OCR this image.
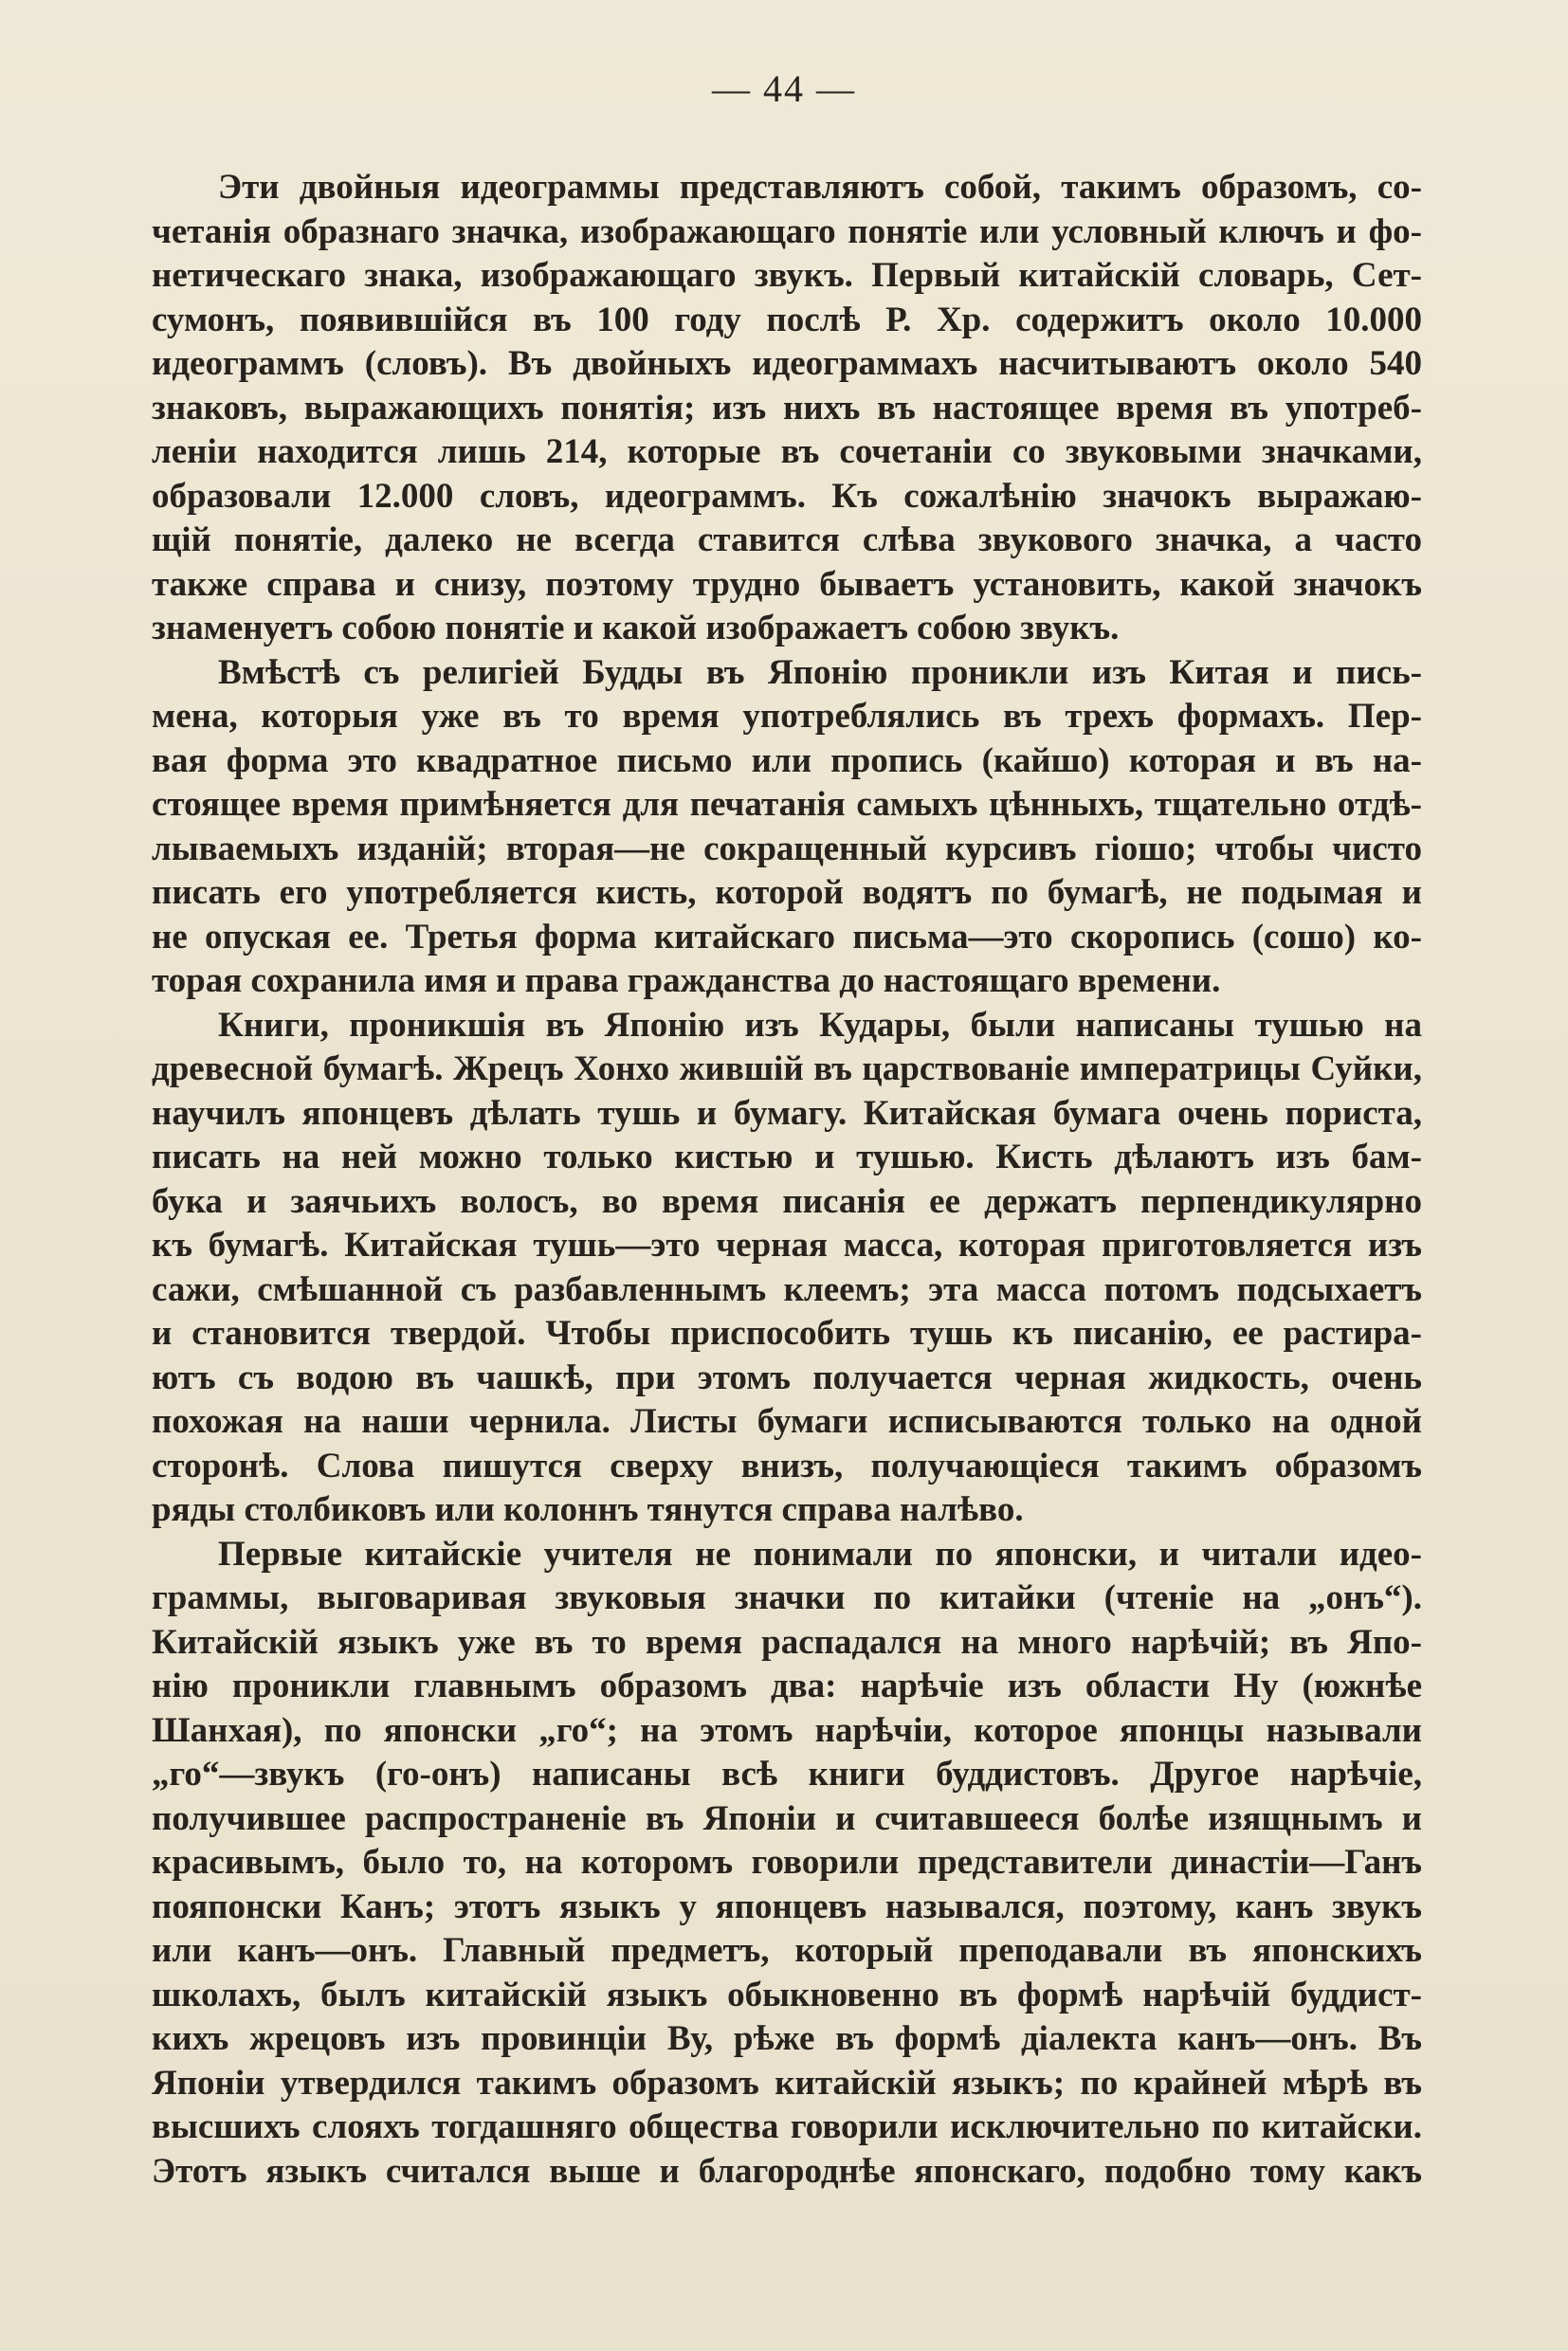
— 44 —
Эти двойныя идеограммы представляютъ собой, такимъ образомъ, со-
четанія образнаго значка, изображающаго понятіе или условный ключъ и фо-
нетическаго знака, изображающаго звукъ. Первый китайскій словарь, Сет-
сумонъ, появившійся въ 100 году послѣ Р. Хр. содержитъ около 10.000
идеограммъ (словъ). Въ двойныхъ идеограммахъ насчитываютъ около 540
знаковъ, выражающихъ понятія; изъ нихъ въ настоящее время въ употреб-
леніи находится лишь 214, которые въ сочетаніи со звуковыми значками,
образовали 12.000 словъ, идеограммъ. Къ сожалѣнію значокъ выражаю-
щій понятіе, далеко не всегда ставится слѣва звукового значка, а часто
также справа и снизу, поэтому трудно бываетъ установить, какой значокъ
знаменуетъ собою понятіе и какой изображаетъ собою звукъ.
Вмѣстѣ съ религіей Будды въ Японію проникли изъ Китая и пись-
мена, которыя уже въ то время употреблялись въ трехъ формахъ. Пер-
вая форма это квадратное письмо или пропись (кайшо) которая и въ на-
стоящее время примѣняется для печатанія самыхъ цѣнныхъ, тщательно отдѣ-
лываемыхъ изданій; вторая—не сокращенный курсивъ гіошо; чтобы чисто
писать его употребляется кисть, которой водятъ по бумагѣ, не подымая и
не опуская ее. Третья форма китайскаго письма—это скоропись (сошо) ко-
торая сохранила имя и права гражданства до настоящаго времени.
Книги, проникшія въ Японію изъ Кудары, были написаны тушью на
древесной бумагѣ. Жрецъ Хонхо жившій въ царствованіе императрицы Суйки,
научилъ японцевъ дѣлать тушь и бумагу. Китайская бумага очень пориста,
писать на ней можно только кистью и тушью. Кисть дѣлаютъ изъ бам-
бука и заячьихъ волосъ, во время писанія ее держатъ перпендикулярно
къ бумагѣ. Китайская тушь—это черная масса, которая приготовляется изъ
сажи, смѣшанной съ разбавленнымъ клеемъ; эта масса потомъ подсыхаетъ
и становится твердой. Чтобы приспособить тушь къ писанію, ее растира-
ютъ съ водою въ чашкѣ, при этомъ получается черная жидкость, очень
похожая на наши чернила. Листы бумаги исписываются только на одной
сторонѣ. Слова пишутся сверху внизъ, получающіеся такимъ образомъ
ряды столбиковъ или колоннъ тянутся справа налѣво.
Первые китайскіе учителя не понимали по японски, и читали идео-
граммы, выговаривая звуковыя значки по китайки (чтеніе на „онъ“).
Китайскій языкъ уже въ то время распадался на много нарѣчій; въ Япо-
нію проникли главнымъ образомъ два: нарѣчіе изъ области Ну (южнѣе
Шанхая), по японски „го“; на этомъ нарѣчіи, которое японцы называли
„го“—звукъ (го-онъ) написаны всѣ книги буддистовъ. Другое нарѣчіе,
получившее распространеніе въ Японіи и считавшееся болѣе изящнымъ и
красивымъ, было то, на которомъ говорили представители династіи—Ганъ
пояпонски Канъ; этотъ языкъ у японцевъ назывался, поэтому, канъ звукъ
или канъ—онъ. Главный предметъ, который преподавали въ японскихъ
школахъ, былъ китайскій языкъ обыкновенно въ формѣ нарѣчій буддист-
кихъ жрецовъ изъ провинціи Ву, рѣже въ формѣ діалекта канъ—онъ. Въ
Японіи утвердился такимъ образомъ китайскій языкъ; по крайней мѣрѣ въ
высшихъ слояхъ тогдашняго общества говорили исключительно по китайски.
Этотъ языкъ считался выше и благороднѣе японскаго, подобно тому какъ
